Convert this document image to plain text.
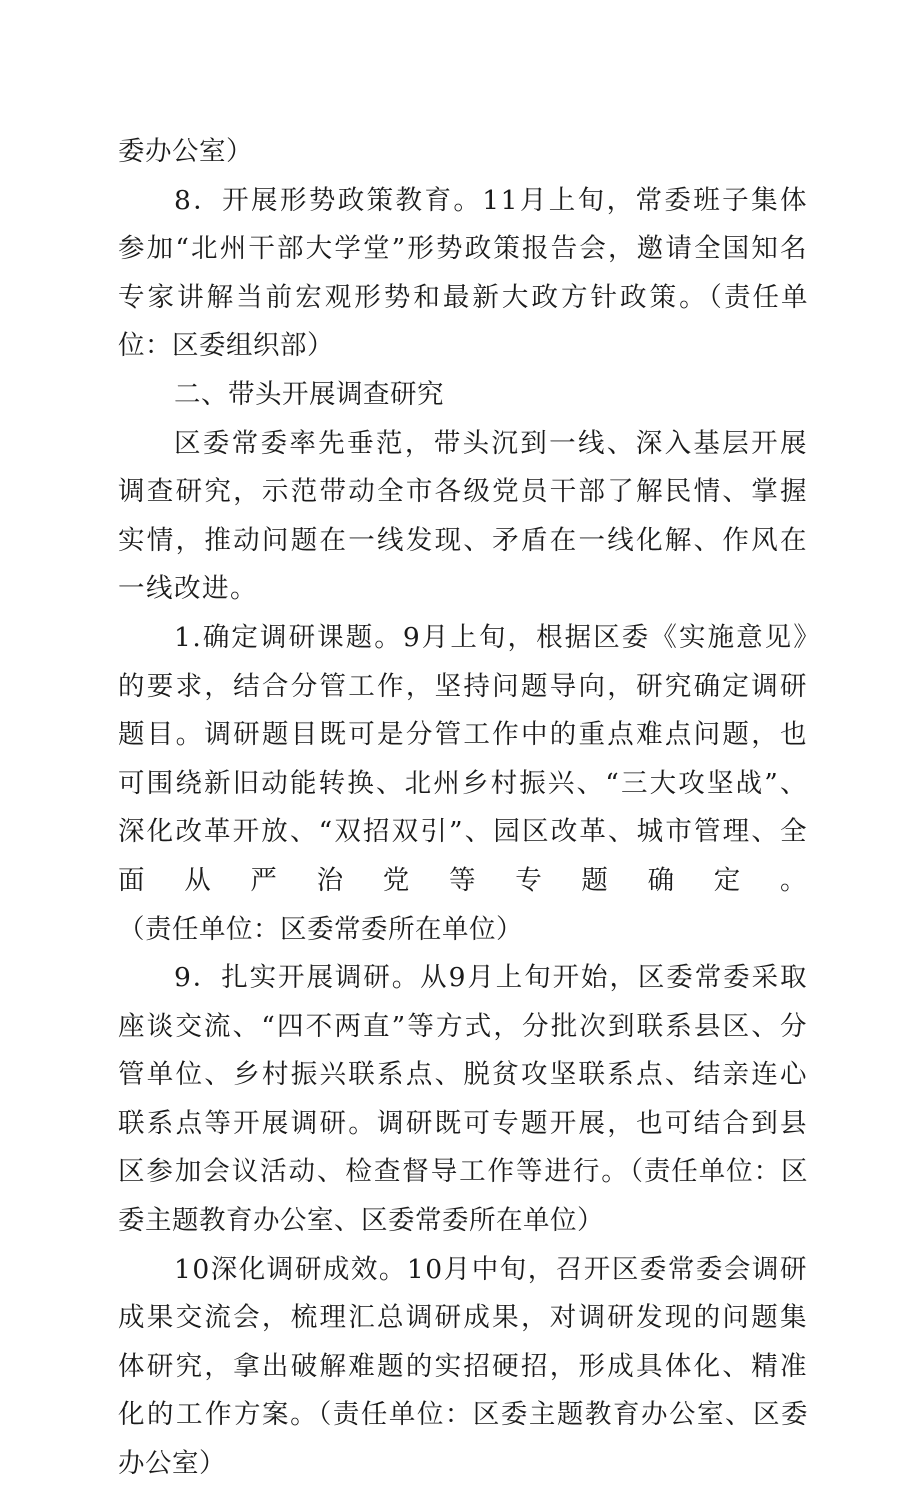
委办公室）

8．开展形势政策教育。11月上旬，常委班子集体参加“北州干部大学堂”形势政策报告会，邀请全国知名专家讲解当前宏观形势和最新大政方针政策。（责任单位：区委组织部）

二、带头开展调查研究

区委常委率先垂范，带头沉到一线、深入基层开展调查研究，示范带动全市各级党员干部了解民情、掌握实情，推动问题在一线发现、矛盾在一线化解、作风在一线改进。

1.确定调研课题。9月上旬，根据区委《实施意见》的要求，结合分管工作，坚持问题导向，研究确定调研题目。调研题目既可是分管工作中的重点难点问题，也可围绕新旧动能转换、北州乡村振兴、“三大攻坚战”、深化改革开放、“双招双引”、园区改革、城市管理、全面从严治党等专题确定。（责任单位：区委常委所在单位）

9．扎实开展调研。从9月上旬开始，区委常委采取座谈交流、“四不两直”等方式，分批次到联系县区、分管单位、乡村振兴联系点、脱贫攻坚联系点、结亲连心联系点等开展调研。调研既可专题开展，也可结合到县区参加会议活动、检查督导工作等进行。（责任单位：区委主题教育办公室、区委常委所在单位）

10深化调研成效。10月中旬，召开区委常委会调研成果交流会，梳理汇总调研成果，对调研发现的问题集体研究，拿出破解难题的实招硬招，形成具体化、精准化的工作方案。（责任单位：区委主题教育办公室、区委办公室）
